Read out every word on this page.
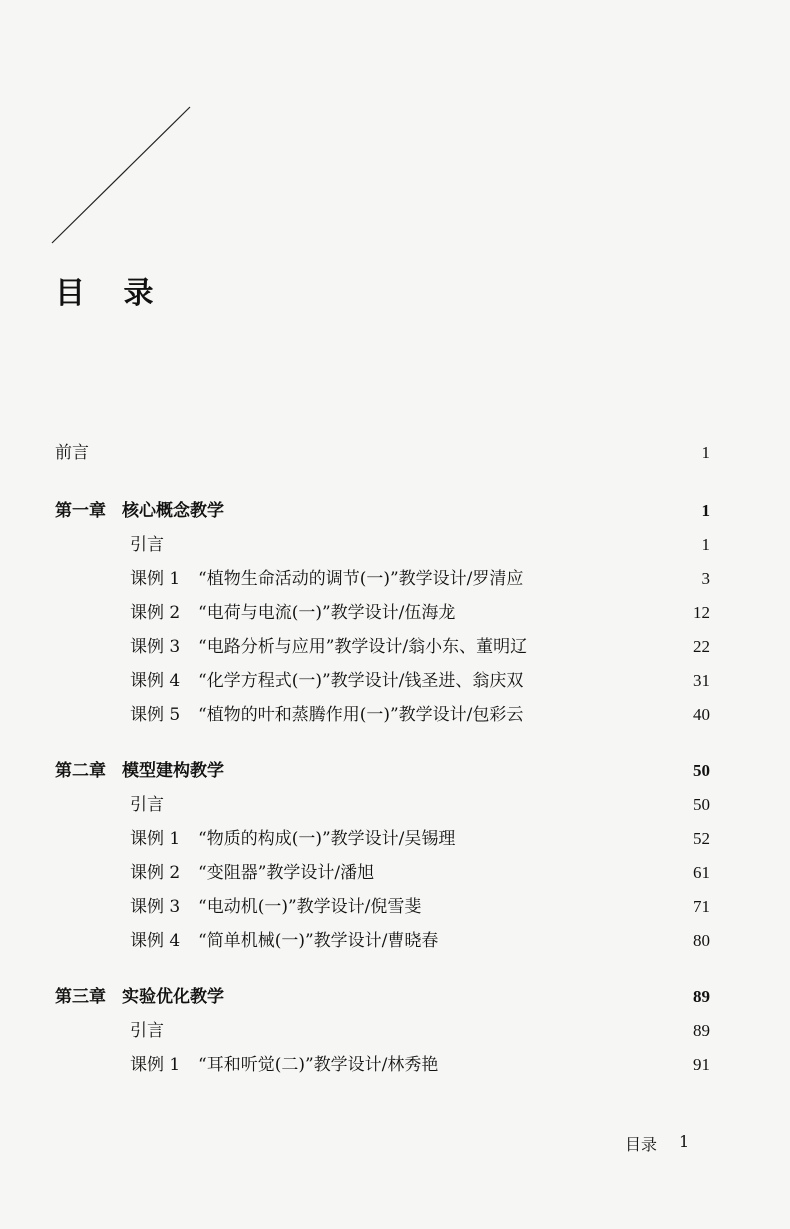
目 录
前言	1
第一章 核心概念教学	1
引言	1
课例 1 “植物生命活动的调节(一)”教学设计/罗清应	3
课例 2 “电荷与电流(一)”教学设计/伍海龙	12
课例 3 “电路分析与应用”教学设计/翁小东、董明辽	22
课例 4 “化学方程式(一)”教学设计/钱圣进、翁庆双	31
课例 5 “植物的叶和蒸腾作用(一)”教学设计/包彩云	40
第二章 模型建构教学	50
引言	50
课例 1 “物质的构成(一)”教学设计/吴锡理	52
课例 2 “变阻器”教学设计/潘旭	61
课例 3 “电动机(一)”教学设计/倪雪斐	71
课例 4 “简单机械(一)”教学设计/曹晓春	80
第三章 实验优化教学	89
引言	89
课例 1 “耳和听觉(二)”教学设计/林秀艳	91
目录 1
